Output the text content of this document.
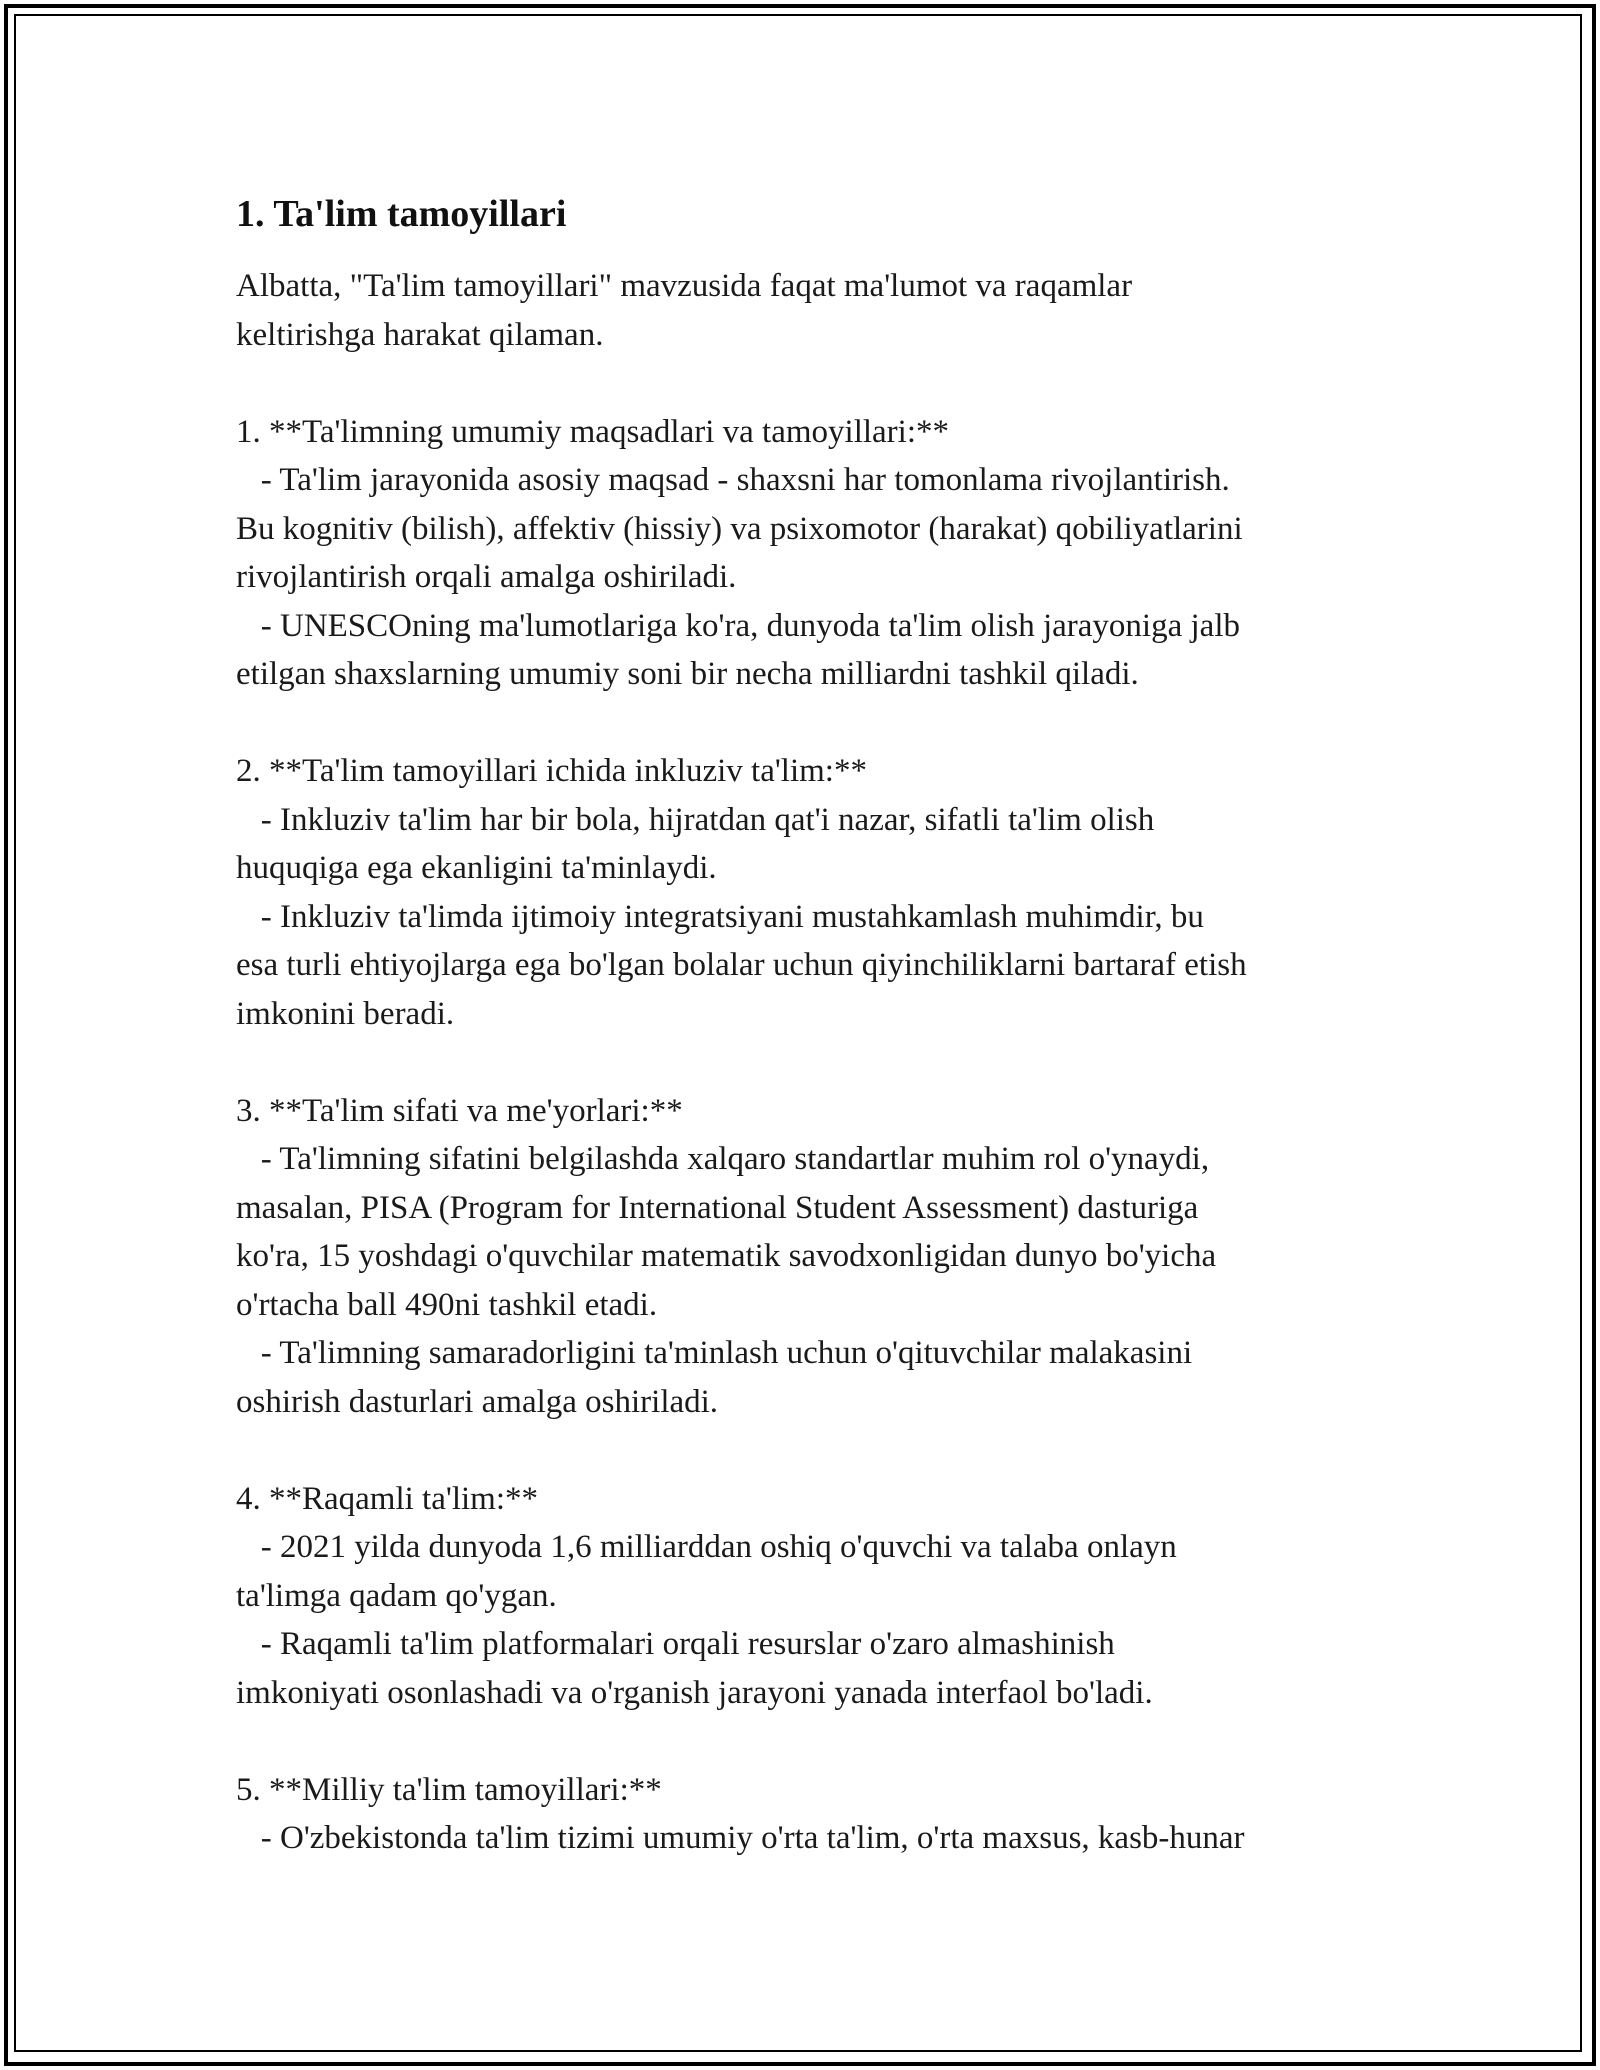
1. Ta'lim tamoyillari
Albatta, "Ta'lim tamoyillari" mavzusida faqat ma'lumot va raqamlar
keltirishga harakat qilaman.
1. **Ta'limning umumiy maqsadlari va tamoyillari:**
- Ta'lim jarayonida asosiy maqsad - shaxsni har tomonlama rivojlantirish.
Bu kognitiv (bilish), affektiv (hissiy) va psixomotor (harakat) qobiliyatlarini
rivojlantirish orqali amalga oshiriladi.
- UNESCOning ma'lumotlariga ko'ra, dunyoda ta'lim olish jarayoniga jalb
etilgan shaxslarning umumiy soni bir necha milliardni tashkil qiladi.
2. **Ta'lim tamoyillari ichida inkluziv ta'lim:**
- Inkluziv ta'lim har bir bola, hijratdan qat'i nazar, sifatli ta'lim olish
huquqiga ega ekanligini ta'minlaydi.
- Inkluziv ta'limda ijtimoiy integratsiyani mustahkamlash muhimdir, bu
esa turli ehtiyojlarga ega bo'lgan bolalar uchun qiyinchiliklarni bartaraf etish
imkonini beradi.
3. **Ta'lim sifati va me'yorlari:**
- Ta'limning sifatini belgilashda xalqaro standartlar muhim rol o'ynaydi,
masalan, PISA (Program for International Student Assessment) dasturiga
ko'ra, 15 yoshdagi o'quvchilar matematik savodxonligidan dunyo bo'yicha
o'rtacha ball 490ni tashkil etadi.
- Ta'limning samaradorligini ta'minlash uchun o'qituvchilar malakasini
oshirish dasturlari amalga oshiriladi.
4. **Raqamli ta'lim:**
- 2021 yilda dunyoda 1,6 milliarddan oshiq o'quvchi va talaba onlayn
ta'limga qadam qo'ygan.
- Raqamli ta'lim platformalari orqali resurslar o'zaro almashinish
imkoniyati osonlashadi va o'rganish jarayoni yanada interfaol bo'ladi.
5. **Milliy ta'lim tamoyillari:**
- O'zbekistonda ta'lim tizimi umumiy o'rta ta'lim, o'rta maxsus, kasb-hunar
